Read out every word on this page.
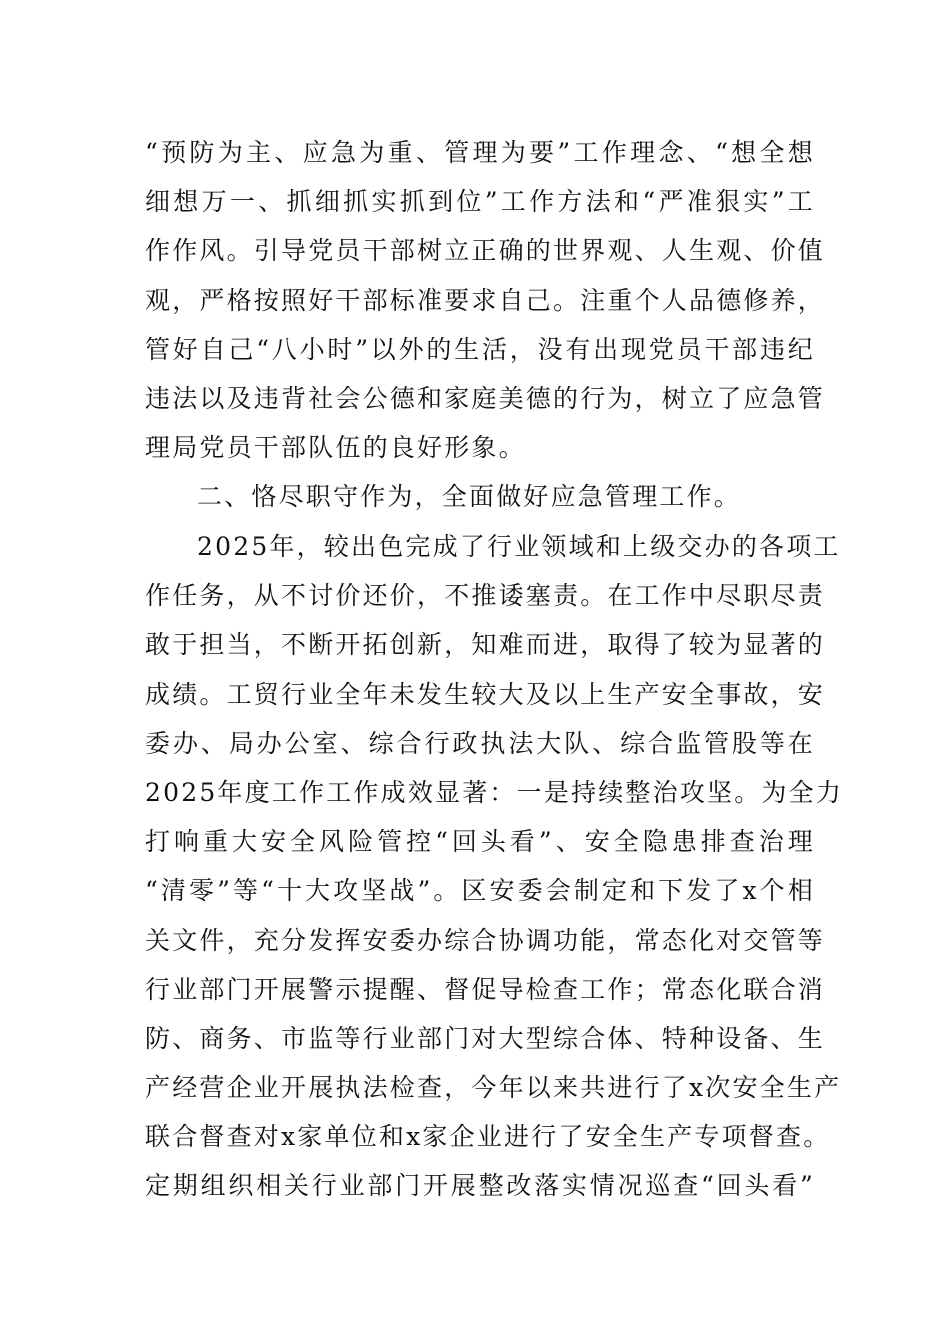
“预防为主、应急为重、管理为要”工作理念、“想全想
细想万一、抓细抓实抓到位”工作方法和“严准狠实”工
作作风。引导党员干部树立正确的世界观、人生观、价值
观，严格按照好干部标准要求自己。注重个人品德修养，
管好自己“八小时”以外的生活，没有出现党员干部违纪
违法以及违背社会公德和家庭美德的行为，树立了应急管
理局党员干部队伍的良好形象。
二、恪尽职守作为，全面做好应急管理工作。
2025年，较出色完成了行业领域和上级交办的各项工
作任务，从不讨价还价，不推诿塞责。在工作中尽职尽责
敢于担当，不断开拓创新，知难而进，取得了较为显著的
成绩。工贸行业全年未发生较大及以上生产安全事故，安
委办、局办公室、综合行政执法大队、综合监管股等在
2025年度工作工作成效显著：一是持续整治攻坚。为全力
打响重大安全风险管控“回头看”、安全隐患排查治理
“清零”等“十大攻坚战”。区安委会制定和下发了x个相
关文件，充分发挥安委办综合协调功能，常态化对交管等
行业部门开展警示提醒、督促导检查工作；常态化联合消
防、商务、市监等行业部门对大型综合体、特种设备、生
产经营企业开展执法检查，今年以来共进行了x次安全生产
联合督查对x家单位和x家企业进行了安全生产专项督查。
定期组织相关行业部门开展整改落实情况巡查“回头看”
